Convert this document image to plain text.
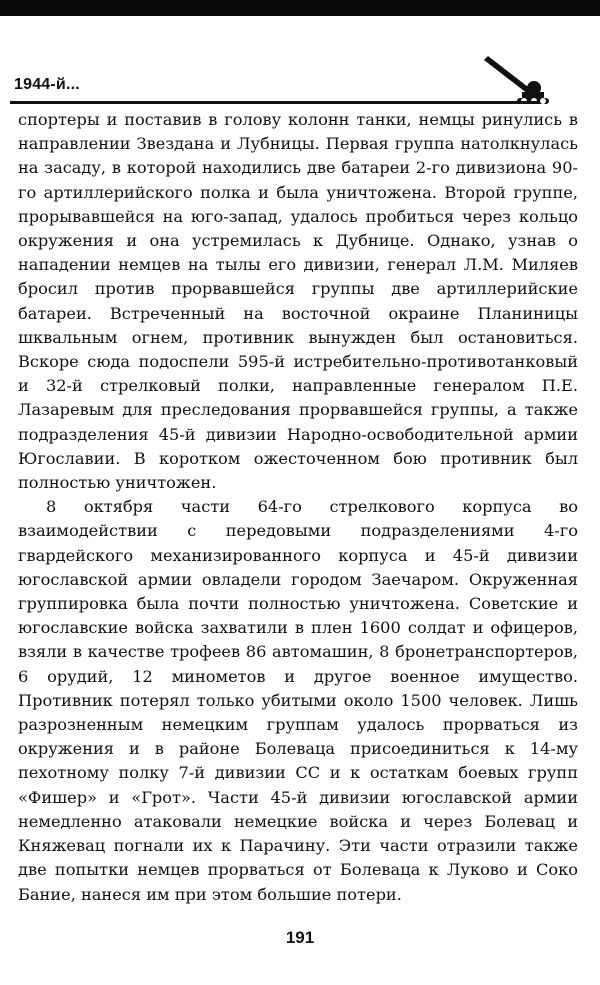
1944-й...

спортеры и поставив в голову колонн танки, немцы ринулись в направлении Звездана и Лубницы. Первая группа натолкнулась на засаду, в которой находились две батареи 2-го дивизиона 90-го артиллерийского полка и была уничтожена. Второй группе, прорывавшейся на юго-запад, удалось пробиться через кольцо окружения и она устремилась к Дубнице. Однако, узнав о нападении немцев на тылы его дивизии, генерал Л.М. Миляев бросил против прорвавшейся группы две артиллерийские батареи. Встреченный на восточной окраине Планиницы шквальным огнем, противник вынужден был остановиться. Вскоре сюда подоспели 595-й истребительно-противотанковый и 32-й стрелковый полки, направленные генералом П.Е. Лазаревым для преследования прорвавшейся группы, а также подразделения 45-й дивизии Народно-освободительной армии Югославии. В коротком ожесточенном бою противник был полностью уничтожен.

8 октября части 64-го стрелкового корпуса во взаимодействии с передовыми подразделениями 4-го гвардейского механизированного корпуса и 45-й дивизии югославской армии овладели городом Заечаром. Окруженная группировка была почти полностью уничтожена. Советские и югославские войска захватили в плен 1600 солдат и офицеров, взяли в качестве трофеев 86 автомашин, 8 бронетранспортеров, 6 орудий, 12 минометов и другое военное имущество. Противник потерял только убитыми около 1500 человек. Лишь разрозненным немецким группам удалось прорваться из окружения и в районе Болеваца присоединиться к 14-му пехотному полку 7-й дивизии СС и к остаткам боевых групп «Фишер» и «Грот». Части 45-й дивизии югославской армии немедленно атаковали немецкие войска и через Болевац и Княжевац погнали их к Парачину. Эти части отразили также две попытки немцев прорваться от Болеваца к Луково и Соко Бание, нанеся им при этом большие потери.

191
